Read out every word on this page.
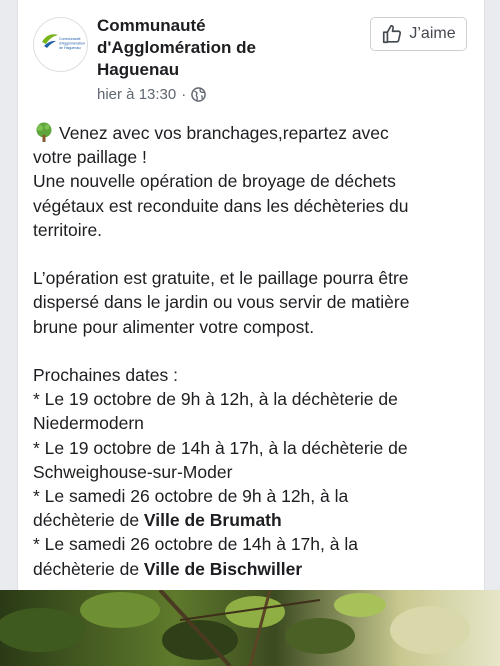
Communauté
d'Agglomération
de Haguenau
Communauté
d'Agglomération de
Haguenau
hier à 13:30 ·
J’aime
Venez avec vos branchages,repartez avec
votre paillage !
Une nouvelle opération de broyage de déchets
végétaux est reconduite dans les déchèteries du
territoire.
L’opération est gratuite, et le paillage pourra être
dispersé dans le jardin ou vous servir de matière
brune pour alimenter votre compost.
Prochaines dates :
* Le 19 octobre de 9h à 12h, à la déchèterie de
Niedermodern
* Le 19 octobre de 14h à 17h, à la déchèterie de
Schweighouse-sur-Moder
* Le samedi 26 octobre de 9h à 12h, à la
déchèterie de Ville de Brumath
* Le samedi 26 octobre de 14h à 17h, à la
déchèterie de Ville de Bischwiller
